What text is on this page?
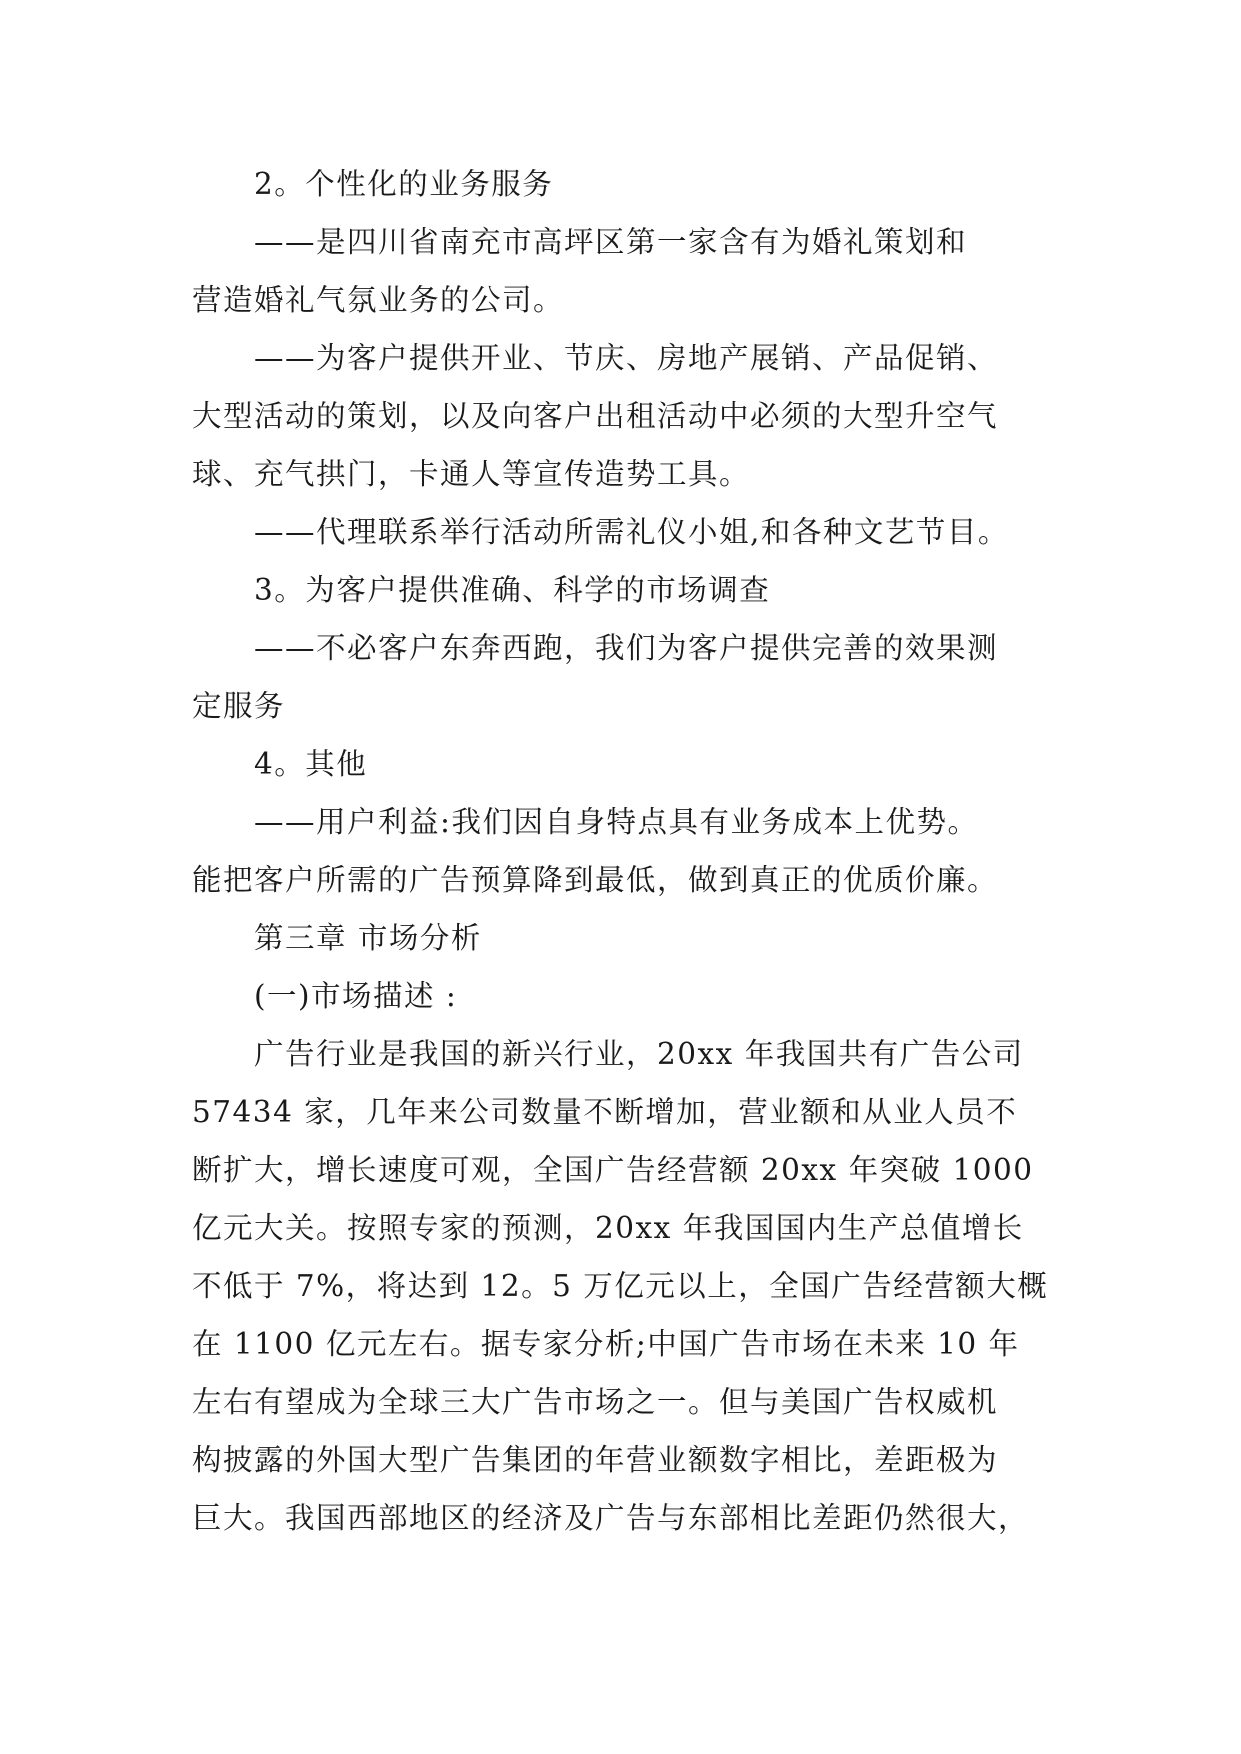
2。个性化的业务服务
——是四川省南充市高坪区第一家含有为婚礼策划和
营造婚礼气氛业务的公司。
——为客户提供开业、节庆、房地产展销、产品促销、
大型活动的策划，以及向客户出租活动中必须的大型升空气
球、充气拱门，卡通人等宣传造势工具。
——代理联系举行活动所需礼仪小姐,和各种文艺节目。
3。为客户提供准确、科学的市场调查
——不必客户东奔西跑，我们为客户提供完善的效果测
定服务
4。其他
——用户利益:我们因自身特点具有业务成本上优势。
能把客户所需的广告预算降到最低，做到真正的优质价廉。
第三章 市场分析
(一)市场描述 :
广告行业是我国的新兴行业，20xx 年我国共有广告公司
57434 家，几年来公司数量不断增加，营业额和从业人员不
断扩大，增长速度可观，全国广告经营额 20xx 年突破 1000
亿元大关。按照专家的预测，20xx 年我国国内生产总值增长
不低于 7%，将达到 12。5 万亿元以上，全国广告经营额大概
在 1100 亿元左右。据专家分析;中国广告市场在未来 10 年
左右有望成为全球三大广告市场之一。但与美国广告权威机
构披露的外国大型广告集团的年营业额数字相比，差距极为
巨大。我国西部地区的经济及广告与东部相比差距仍然很大，
